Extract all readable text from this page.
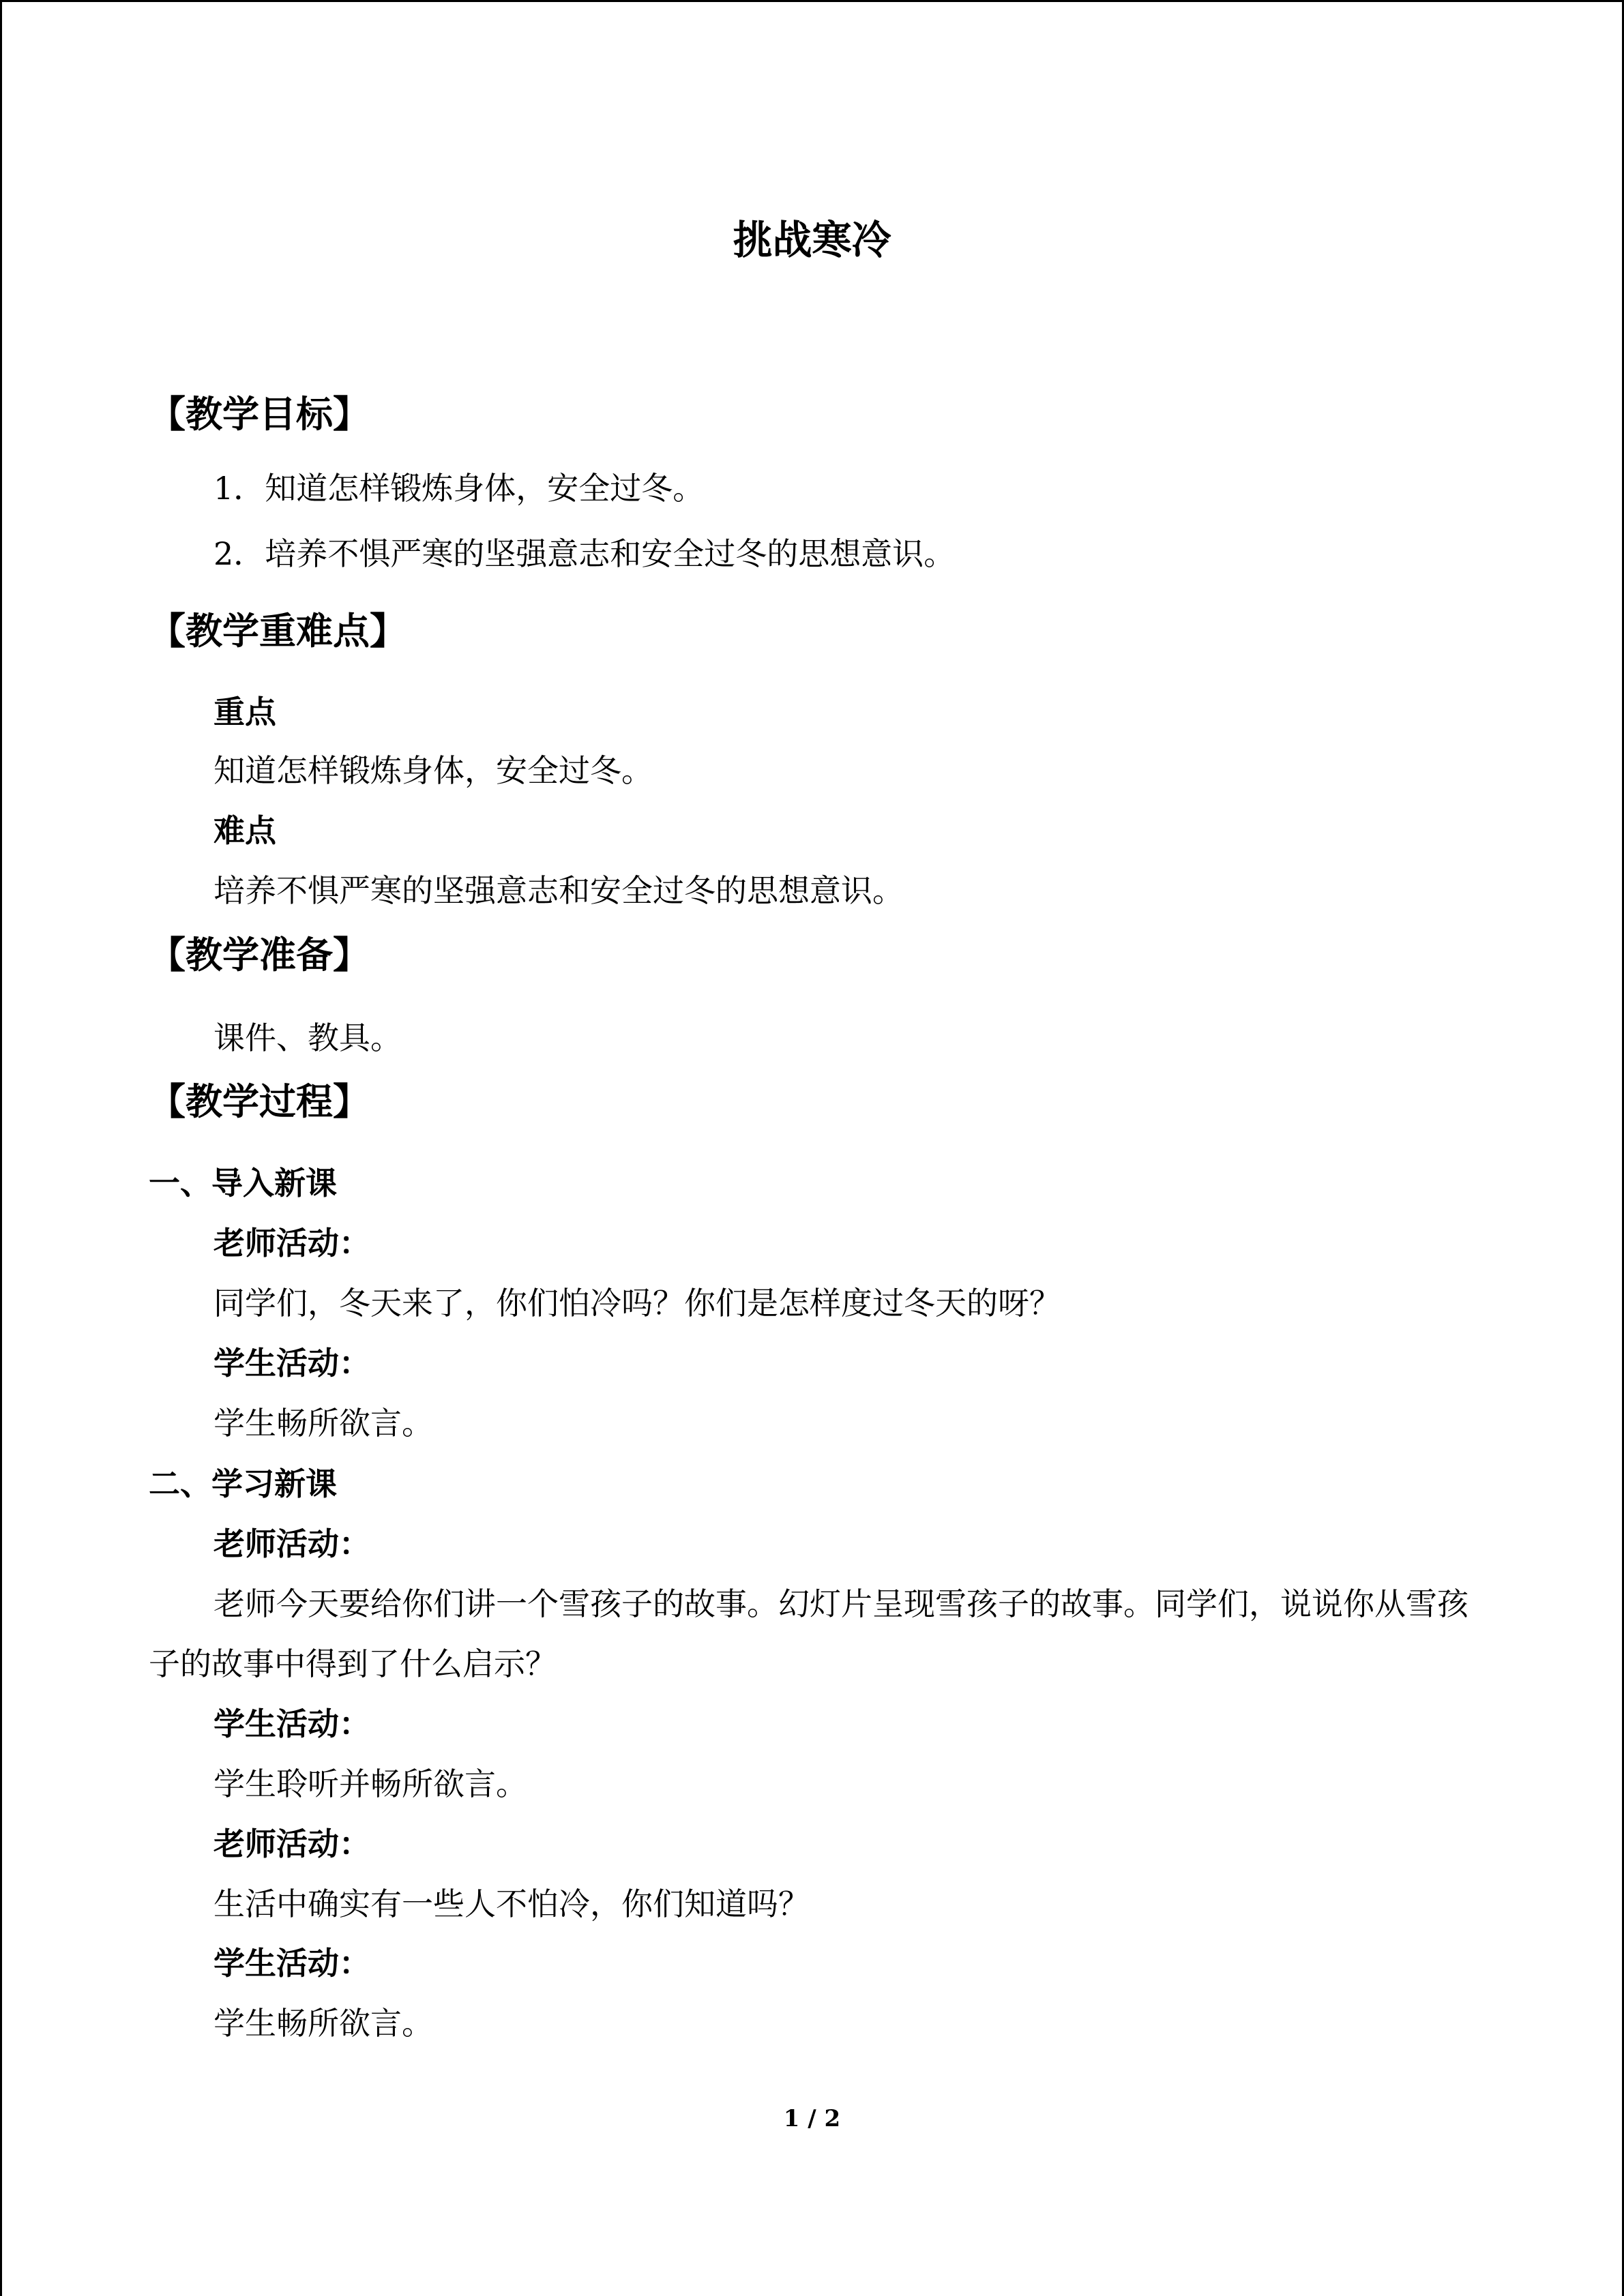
挑战寒冷
【教学目标】
1．知道怎样锻炼身体，安全过冬。
2．培养不惧严寒的坚强意志和安全过冬的思想意识。
【教学重难点】
重点
知道怎样锻炼身体，安全过冬。
难点
培养不惧严寒的坚强意志和安全过冬的思想意识。
【教学准备】
课件、教具。
【教学过程】
一、导入新课
老师活动：
同学们，冬天来了，你们怕冷吗？你们是怎样度过冬天的呀？
学生活动：
学生畅所欲言。
二、学习新课
老师活动：
老师今天要给你们讲一个雪孩子的故事。幻灯片呈现雪孩子的故事。同学们，说说你从雪孩子的故事中得到了什么启示？
学生活动：
学生聆听并畅所欲言。
老师活动：
生活中确实有一些人不怕冷，你们知道吗？
学生活动：
学生畅所欲言。
1 / 2
